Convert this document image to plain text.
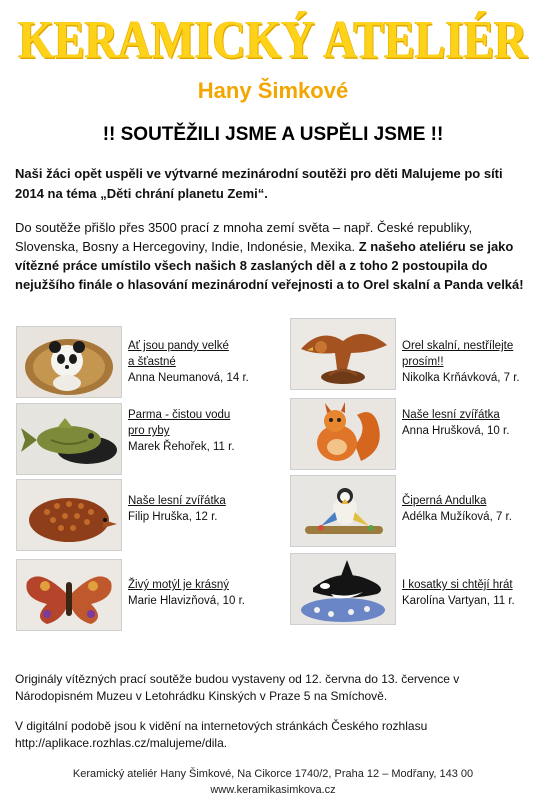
KERAMICKÝ ATELIÉR
Hany Šimkové
!! SOUTĚŽILI JSME A USPĚLI JSME !!
Naši žáci opět uspěli ve výtvarné mezinárodní soutěži pro děti Malujeme po síti 2014 na téma „Děti chrání planetu Zemi“.
Do soutěže přišlo přes 3500 prací z mnoha zemí světa – např. České republiky, Slovenska, Bosny a Hercegoviny, Indie, Indonésie, Mexika. Z našeho ateliéru se jako vítězné práce umístilo všech našich 8 zaslaných děl a z toho 2 postoupila do nejužšího finále o hlasování mezinárodní veřejnosti a to Orel skalní a Panda velká!
Ať jsou pandy velké
a šťastné
Anna Neumanová, 14 r.
Orel skalní, nestřílejte
prosím!!
Nikolka Krňávková, 7 r.
Parma - čistou vodu
pro ryby
Marek Řehořek, 11 r.
Naše lesní zvířátka
Anna Hrušková, 10 r.
Naše lesní zvířátka
Filip Hruška, 12 r.
Čiperná Andulka
Adélka Mužíková, 7 r.
Živý motýl je krásný
Marie Hlavizňová, 10 r.
I kosatky si chtějí hrát
Karolína Vartyan, 11 r.
Originály vítězných prací soutěže budou vystaveny od 12. června do 13. července v Národopisném Muzeu v Letohrádku Kinských v Praze 5 na Smíchově.
V digitální podobě jsou k vidění na internetových stránkách Českého rozhlasu http://aplikace.rozhlas.cz/malujeme/dila.
Keramický ateliér Hany Šimkové, Na Cikorce 1740/2, Praha 12 – Modřany, 143 00
www.keramikasimkova.cz
